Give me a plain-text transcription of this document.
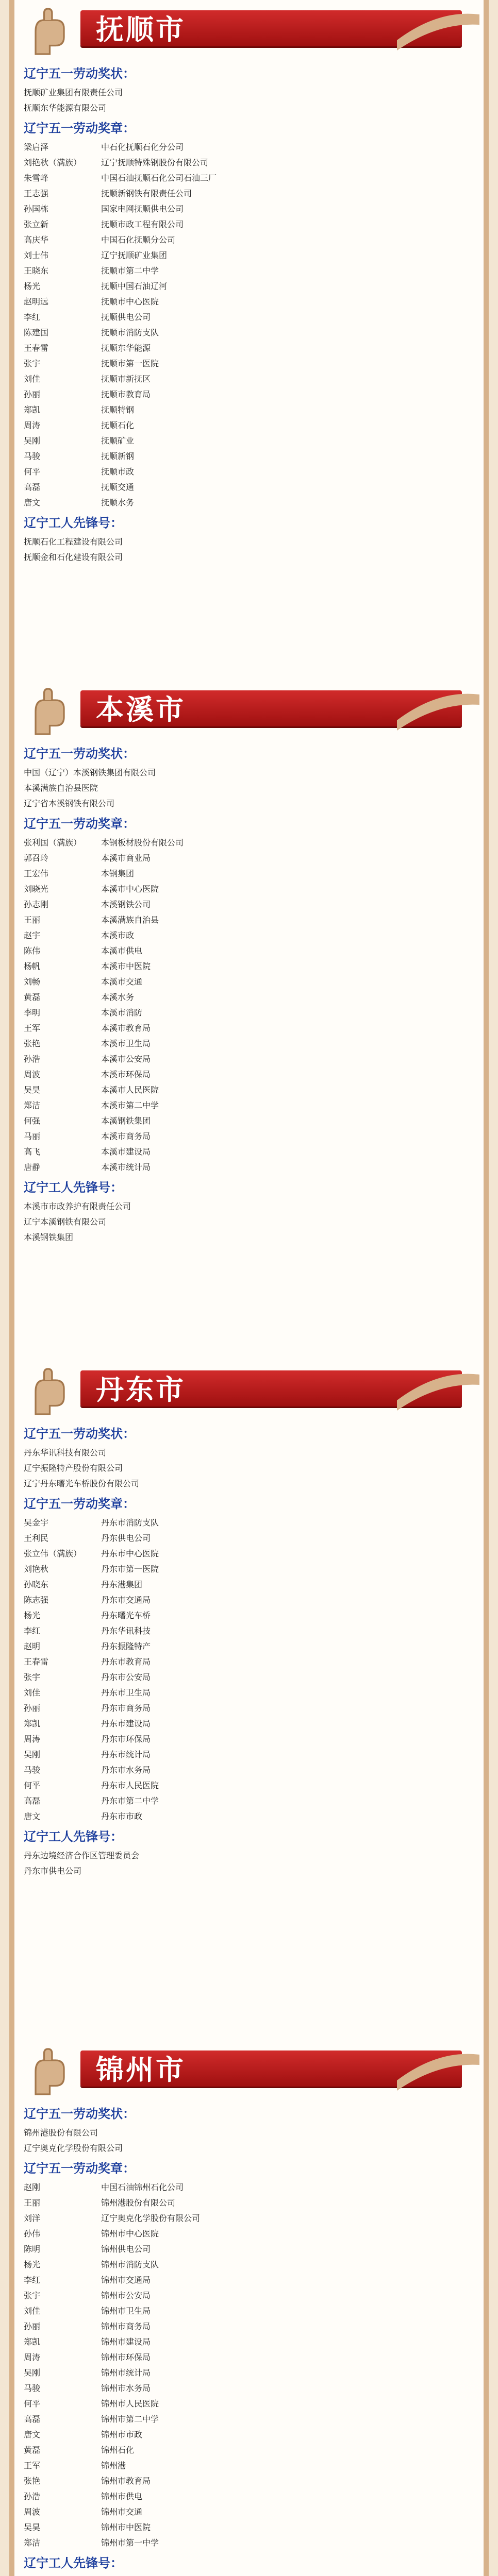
抚顺市
辽宁五一劳动奖状：
抚顺矿业集团有限责任公司
抚顺东华能源有限公司
辽宁五一劳动奖章：
梁启泽	中石化抚顺石化分公司
刘艳秋（满族） 辽宁抚顺特殊钢股份有限公司
朱雪峰	中国石油抚顺石化公司石油三厂
王志强	抚顺新钢铁有限责任公司
孙国栋	国家电网抚顺供电公司
张立新	抚顺市政工程有限公司
高庆华	中国石化抚顺分公司
刘士伟	辽宁抚顺矿业集团
王晓东	抚顺市第二中学
杨光	抚顺中国石油辽河
赵明远	抚顺市中心医院
李红	抚顺供电公司
陈建国	抚顺市消防支队
王春雷	抚顺东华能源
张宇	抚顺市第一医院
刘佳	抚顺市新抚区
孙丽	抚顺市教育局
郑凯	抚顺特钢
周涛	抚顺石化
吴刚	抚顺矿业
马骏	抚顺新钢
何平	抚顺市政
高磊	抚顺交通
唐文	抚顺水务
辽宁工人先锋号：
抚顺石化工程建设有限公司
抚顺金和石化建设有限公司
本溪市
辽宁五一劳动奖状：
中国（辽宁）本溪钢铁集团有限公司
本溪满族自治县医院
辽宁省本溪钢铁有限公司
辽宁五一劳动奖章：
张利国（满族） 本钢板材股份有限公司
郭召玲	本溪市商业局
王宏伟	本钢集团
刘晓光	本溪市中心医院
孙志刚	本溪钢铁公司
王丽	本溪满族自治县
赵宇	本溪市政
陈伟	本溪市供电
杨帆	本溪市中医院
刘畅	本溪市交通
黄磊	本溪水务
李明	本溪市消防
王军	本溪市教育局
张艳	本溪市卫生局
孙浩	本溪市公安局
周波	本溪市环保局
吴昊	本溪市人民医院
郑洁	本溪市第二中学
何强	本溪钢铁集团
马丽	本溪市商务局
高飞	本溪市建设局
唐静	本溪市统计局
辽宁工人先锋号：
本溪市市政养护有限责任公司
辽宁本溪钢铁有限公司
本溪钢铁集团
丹东市
辽宁五一劳动奖状：
丹东华讯科技有限公司
辽宁振隆特产股份有限公司
辽宁丹东曙光车桥股份有限公司
辽宁五一劳动奖章：
吴金宇	丹东市消防支队
王利民	丹东供电公司
张立伟（满族） 丹东市中心医院
刘艳秋	丹东市第一医院
孙晓东	丹东港集团
陈志强	丹东市交通局
杨光	丹东曙光车桥
李红	丹东华讯科技
赵明	丹东振隆特产
王春雷	丹东市教育局
张宇	丹东市公安局
刘佳	丹东市卫生局
孙丽	丹东市商务局
郑凯	丹东市建设局
周涛	丹东市环保局
吴刚	丹东市统计局
马骏	丹东市水务局
何平	丹东市人民医院
高磊	丹东市第二中学
唐文	丹东市市政
辽宁工人先锋号：
丹东边境经济合作区管理委员会
丹东市供电公司
锦州市
辽宁五一劳动奖状：
锦州港股份有限公司
辽宁奥克化学股份有限公司
辽宁五一劳动奖章：
赵刚	中国石油锦州石化公司
王丽	锦州港股份有限公司
刘洋	辽宁奥克化学股份有限公司
孙伟	锦州市中心医院
陈明	锦州供电公司
杨光	锦州市消防支队
李红	锦州市交通局
张宇	锦州市公安局
刘佳	锦州市卫生局
孙丽	锦州市商务局
郑凯	锦州市建设局
周涛	锦州市环保局
吴刚	锦州市统计局
马骏	锦州市水务局
何平	锦州市人民医院
高磊	锦州市第二中学
唐文	锦州市市政
黄磊	锦州石化
王军	锦州港
张艳	锦州市教育局
孙浩	锦州市供电
周波	锦州市交通
吴昊	锦州市中医院
郑洁	锦州市第一中学
辽宁工人先锋号：
